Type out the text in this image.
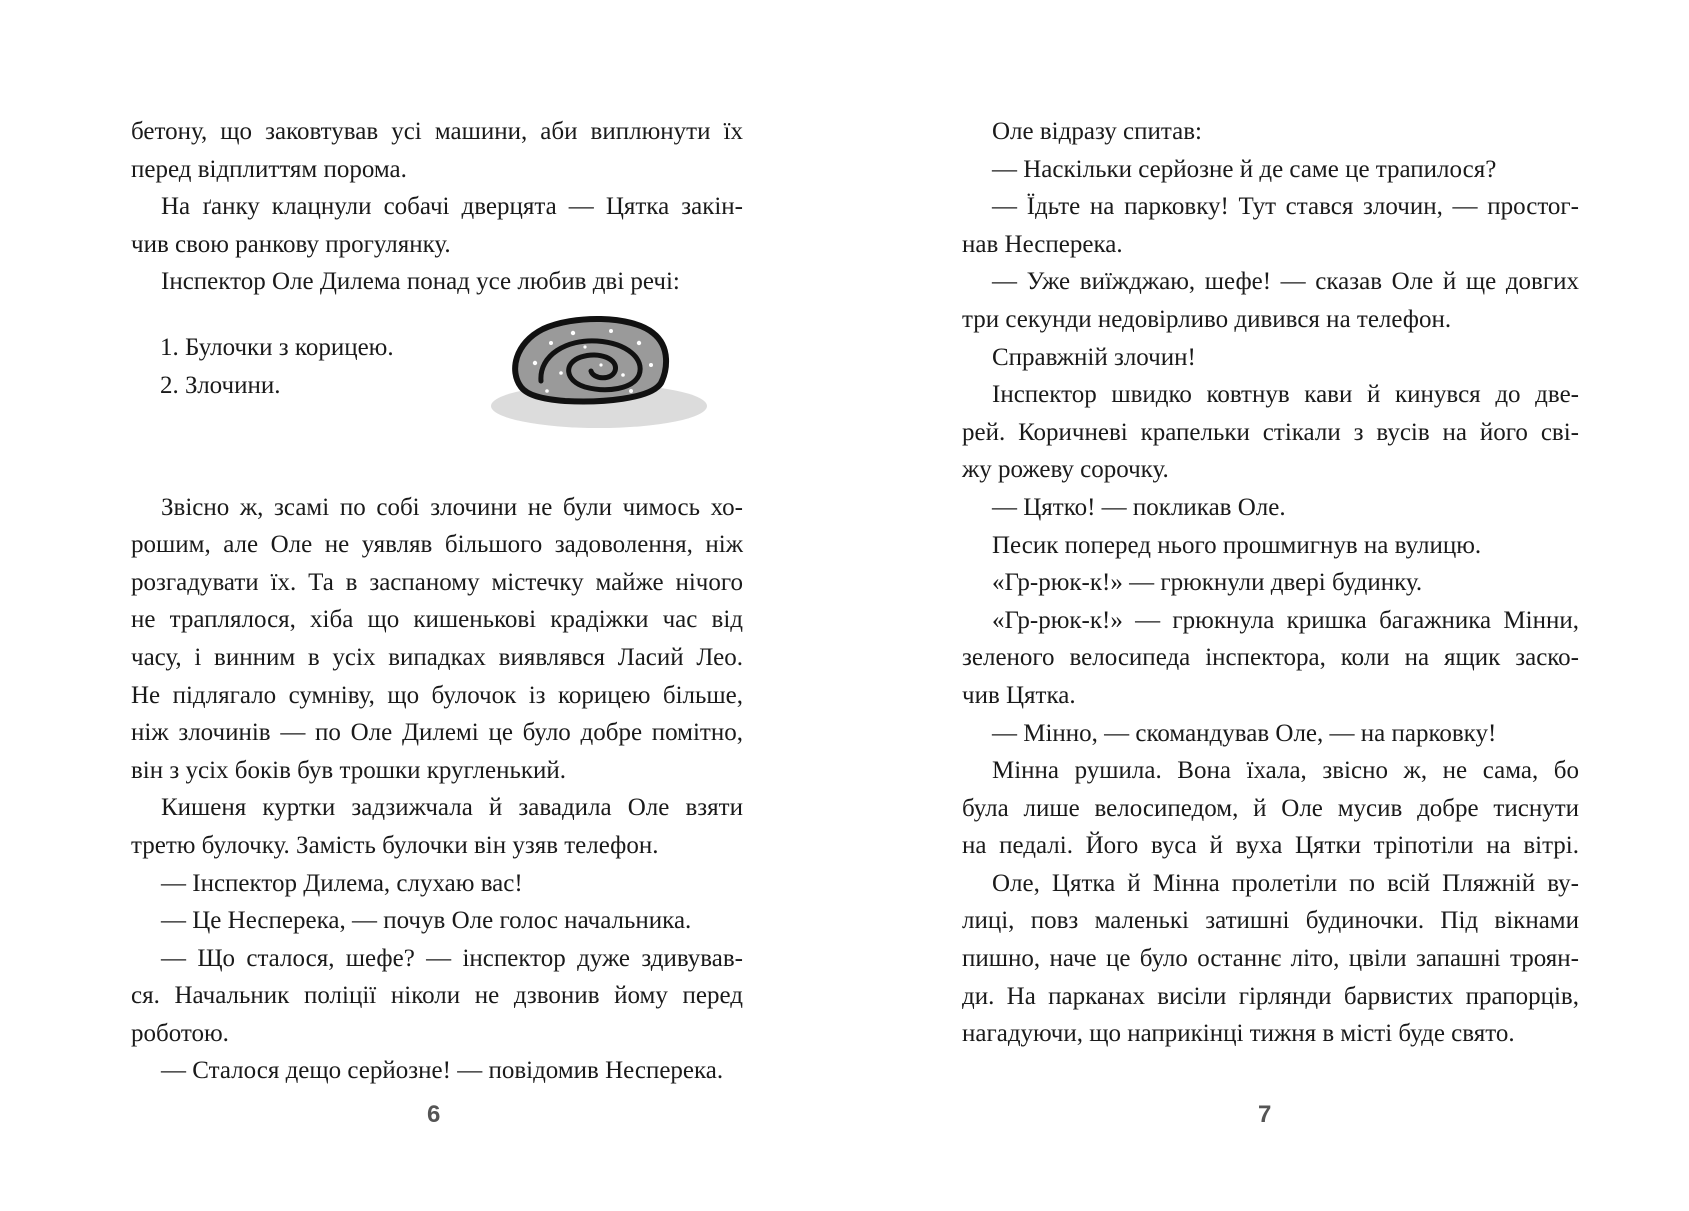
бетону, що заковтував усі машини, аби виплюнути їх
перед відплиттям порома.
На ґанку клацнули собачі дверцята — Цятка закін-
чив свою ранкову прогулянку.
Інспектор Оле Дилема понад усе любив дві речі:
1. Булочки з корицею.
2. Злочини.
Звісно ж, зсамі по собі злочини не були чимось хо-
рошим, але Оле не уявляв більшого задоволення, ніж
розгадувати їх. Та в заспаному містечку майже нічого
не траплялося, хіба що кишенькові крадіжки час від
часу, і винним в усіх випадках виявлявся Ласий Лео.
Не підлягало сумніву, що булочок із корицею більше,
ніж злочинів — по Оле Дилемі це було добре помітно,
він з усіх боків був трошки кругленький.
Кишеня куртки задзижчала й завадила Оле взяти
третю булочку. Замість булочки він узяв телефон.
— Інспектор Дилема, слухаю вас!
— Це Несперека, — почув Оле голос начальника.
— Що сталося, шефе? — інспектор дуже здивував-
ся. Начальник поліції ніколи не дзвонив йому перед
роботою.
— Сталося дещо серйозне! — повідомив Несперека.
6
Оле відразу спитав:
— Наскільки серйозне й де саме це трапилося?
— Їдьте на парковку! Тут стався злочин, — простог-
нав Несперека.
— Уже виїжджаю, шефе! — сказав Оле й ще довгих
три секунди недовірливо дивився на телефон.
Справжній злочин!
Інспектор швидко ковтнув кави й кинувся до две-
рей. Коричневі крапельки стікали з вусів на його сві-
жу рожеву сорочку.
— Цятко! — покликав Оле.
Песик поперед нього прошмигнув на вулицю.
«Гр-рюк-к!» — грюкнули двері будинку.
«Гр-рюк-к!» — грюкнула кришка багажника Мінни,
зеленого велосипеда інспектора, коли на ящик заско-
чив Цятка.
— Мінно, — скомандував Оле, — на парковку!
Мінна рушила. Вона їхала, звісно ж, не сама, бо
була лише велосипедом, й Оле мусив добре тиснути
на педалі. Його вуса й вуха Цятки тріпотіли на вітрі.
Оле, Цятка й Мінна пролетіли по всій Пляжній ву-
лиці, повз маленькі затишні будиночки. Під вікнами
пишно, наче це було останнє літо, цвіли запашні троян-
ди. На парканах висіли гірлянди барвистих прапорців,
нагадуючи, що наприкінці тижня в місті буде свято.
7
